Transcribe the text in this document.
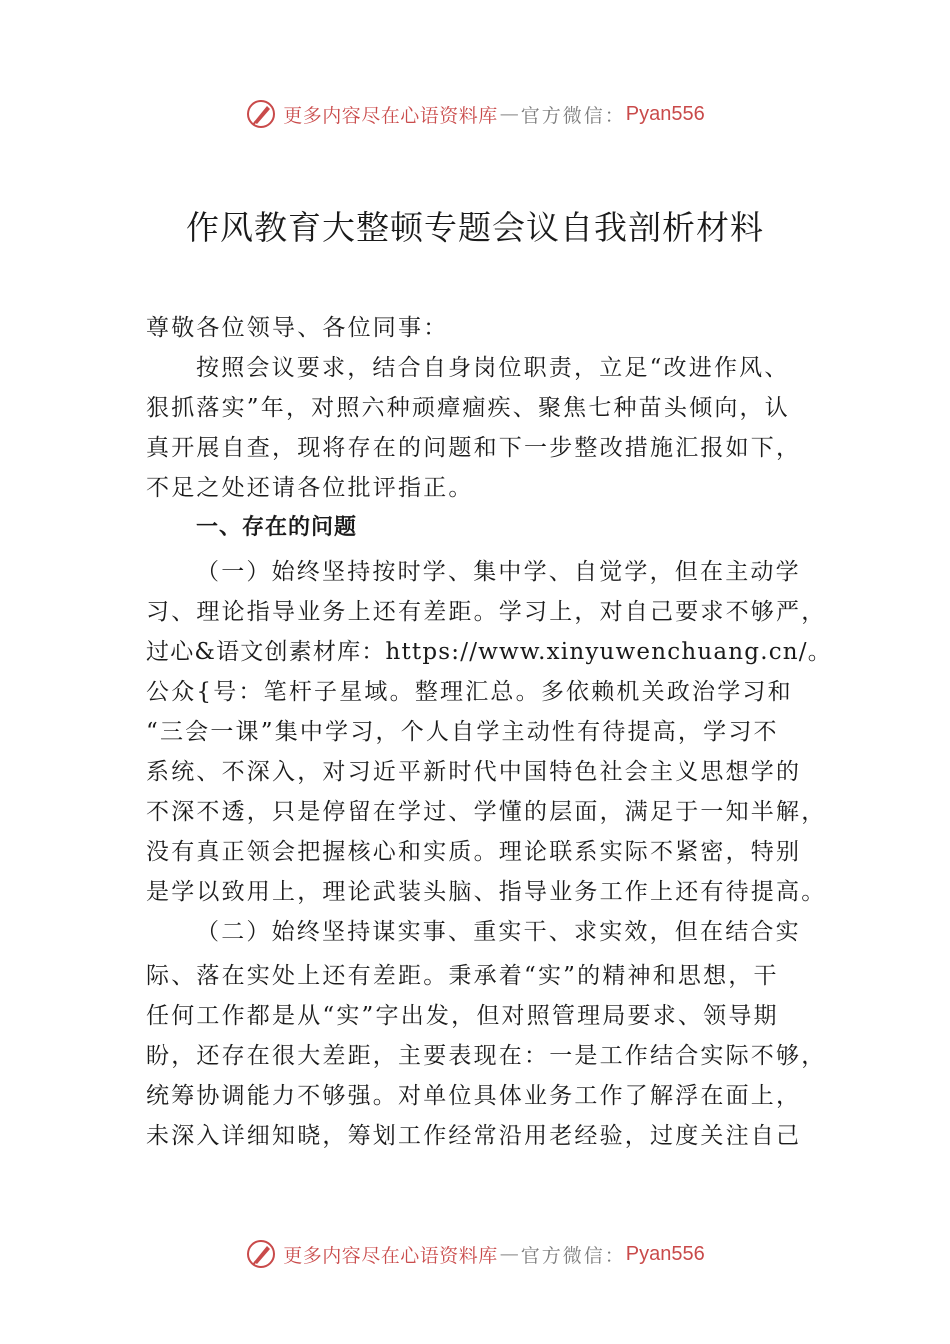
更多内容尽在心语资料库 — 官方微信： Pyan556
作风教育大整顿专题会议自我剖析材料
尊敬各位领导、各位同事：
按照会议要求，结合自身岗位职责，立足“改进作风、
狠抓落实”年，对照六种顽瘴痼疾、聚焦七种苗头倾向，认
真开展自查，现将存在的问题和下一步整改措施汇报如下，
不足之处还请各位批评指正。
一、存在的问题
（一）始终坚持按时学、集中学、自觉学，但在主动学
习、理论指导业务上还有差距。学习上，对自己要求不够严，
过心&语文创素材库：https://www.xinyuwenchuang.cn/。
公众{号：笔杆子星域。整理汇总。多依赖机关政治学习和
“三会一课”集中学习，个人自学主动性有待提高，学习不
系统、不深入，对习近平新时代中国特色社会主义思想学的
不深不透，只是停留在学过、学懂的层面，满足于一知半解，
没有真正领会把握核心和实质。理论联系实际不紧密，特别
是学以致用上，理论武装头脑、指导业务工作上还有待提高。
（二）始终坚持谋实事、重实干、求实效，但在结合实
际、落在实处上还有差距。秉承着“实”的精神和思想，干
任何工作都是从“实”字出发，但对照管理局要求、领导期
盼，还存在很大差距，主要表现在：一是工作结合实际不够，
统筹协调能力不够强。对单位具体业务工作了解浮在面上，
未深入详细知晓，筹划工作经常沿用老经验，过度关注自己
更多内容尽在心语资料库 — 官方微信： Pyan556
